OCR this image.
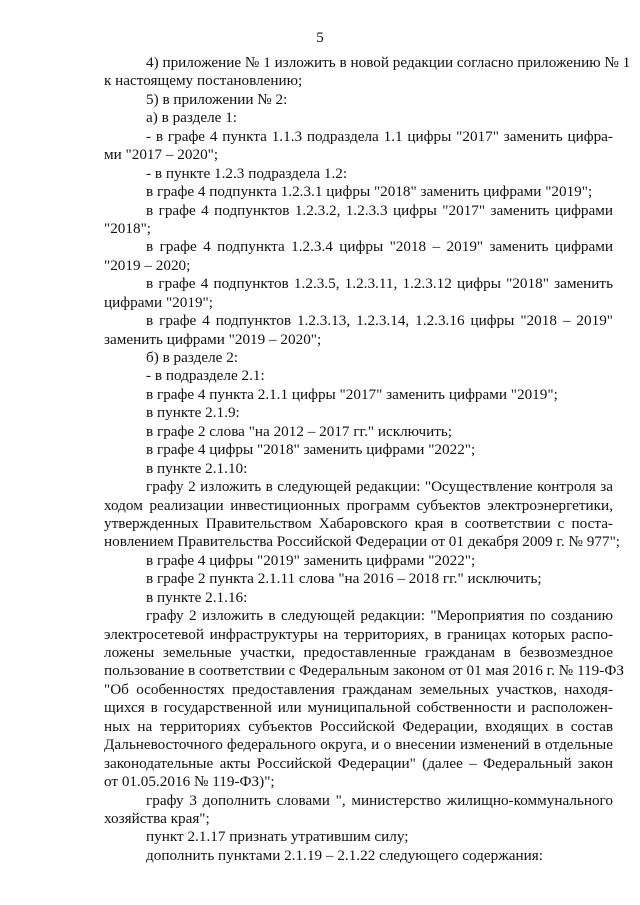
5
4) приложение № 1 изложить в новой редакции согласно приложению № 1
к настоящему постановлению;
5) в приложении № 2:
а) в разделе 1:
- в графе 4 пункта 1.1.3 подраздела 1.1 цифры "2017" заменить цифра-
ми "2017 – 2020";
- в пункте 1.2.3 подраздела 1.2:
в графе 4 подпункта 1.2.3.1 цифры "2018" заменить цифрами "2019";
в графе 4 подпунктов 1.2.3.2, 1.2.3.3 цифры "2017" заменить цифрами
"2018";
в графе 4 подпункта 1.2.3.4 цифры "2018 – 2019" заменить цифрами
"2019 – 2020;
в графе 4 подпунктов 1.2.3.5, 1.2.3.11, 1.2.3.12 цифры "2018" заменить
цифрами "2019";
в графе 4 подпунктов 1.2.3.13, 1.2.3.14, 1.2.3.16 цифры "2018 – 2019"
заменить цифрами "2019 – 2020";
б) в разделе 2:
- в подразделе 2.1:
в графе 4 пункта 2.1.1 цифры "2017" заменить цифрами "2019";
в пункте 2.1.9:
в графе 2 слова "на 2012 – 2017 гг." исключить;
в графе 4 цифры "2018" заменить цифрами "2022";
в пункте 2.1.10:
графу 2 изложить в следующей редакции: "Осуществление контроля за
ходом реализации инвестиционных программ субъектов электроэнергетики,
утвержденных Правительством Хабаровского края в соответствии с поста-
новлением Правительства Российской Федерации от 01 декабря 2009 г. № 977";
в графе 4 цифры "2019" заменить цифрами "2022";
в графе 2 пункта 2.1.11 слова "на 2016 – 2018 гг." исключить;
в пункте 2.1.16:
графу 2 изложить в следующей редакции: "Мероприятия по созданию
электросетевой инфраструктуры на территориях, в границах которых распо-
ложены земельные участки, предоставленные гражданам в безвозмездное
пользование в соответствии с Федеральным законом от 01 мая 2016 г. № 119-ФЗ
"Об особенностях предоставления гражданам земельных участков, находя-
щихся в государственной или муниципальной собственности и расположен-
ных на территориях субъектов Российской Федерации, входящих в состав
Дальневосточного федерального округа, и о внесении изменений в отдельные
законодательные акты Российской Федерации" (далее – Федеральный закон
от 01.05.2016 № 119-ФЗ)";
графу 3 дополнить словами ", министерство жилищно-коммунального
хозяйства края";
пункт 2.1.17 признать утратившим силу;
дополнить пунктами 2.1.19 – 2.1.22 следующего содержания:
